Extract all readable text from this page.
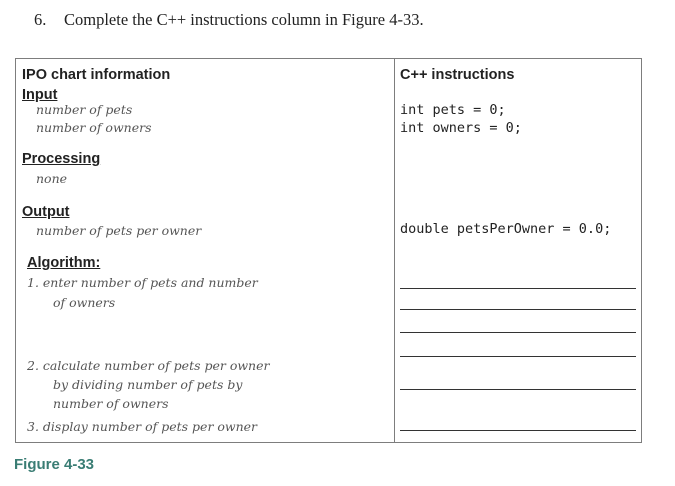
6. Complete the C++ instructions column in Figure 4-33.
IPO chart information	C++ instructions
Input
number of pets
number of owners
int pets = 0;
int owners = 0;
Processing
none
Output
number of pets per owner	double petsPerOwner = 0.0;
Algorithm:
1. enter number of pets and number
of owners
2. calculate number of pets per owner
by dividing number of pets by
number of owners
3. display number of pets per owner
Figure 4-33
